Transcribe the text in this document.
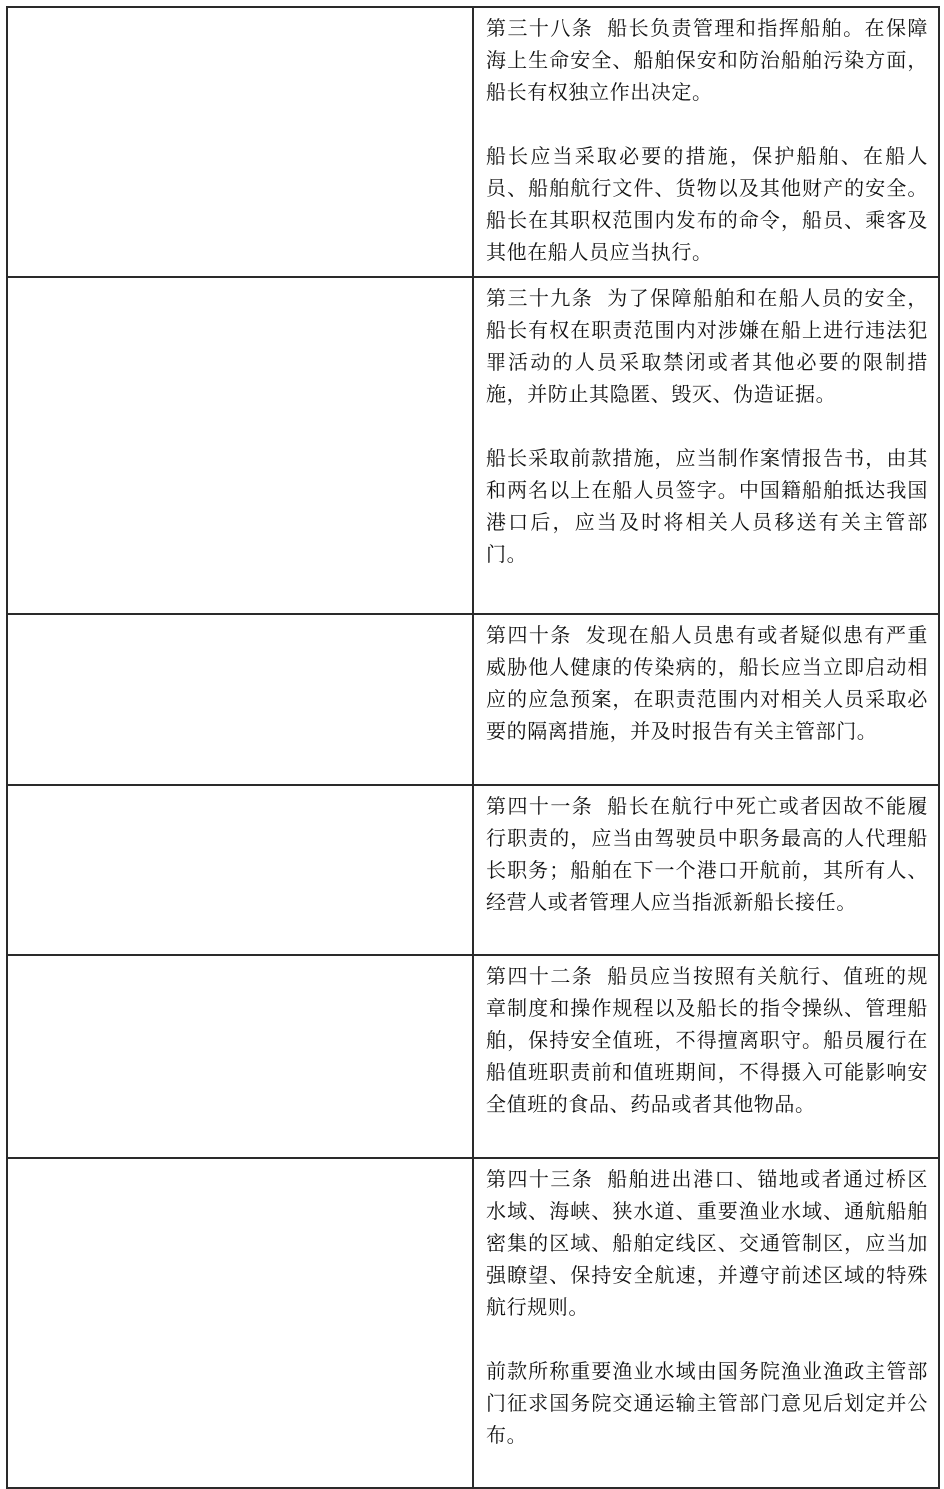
	第三十八条 船长负责管理和指挥船舶。在保障海上生命安全、船舶保安和防治船舶污染方面，船长有权独立作出决定。

船长应当采取必要的措施，保护船舶、在船人员、船舶航行文件、货物以及其他财产的安全。船长在其职权范围内发布的命令，船员、乘客及其他在船人员应当执行。

	第三十九条 为了保障船舶和在船人员的安全，船长有权在职责范围内对涉嫌在船上进行违法犯罪活动的人员采取禁闭或者其他必要的限制措施，并防止其隐匿、毁灭、伪造证据。

船长采取前款措施，应当制作案情报告书，由其和两名以上在船人员签字。中国籍船舶抵达我国港口后，应当及时将相关人员移送有关主管部门。

	第四十条 发现在船人员患有或者疑似患有严重威胁他人健康的传染病的，船长应当立即启动相应的应急预案，在职责范围内对相关人员采取必要的隔离措施，并及时报告有关主管部门。

	第四十一条 船长在航行中死亡或者因故不能履行职责的，应当由驾驶员中职务最高的人代理船长职务；船舶在下一个港口开航前，其所有人、经营人或者管理人应当指派新船长接任。

	第四十二条 船员应当按照有关航行、值班的规章制度和操作规程以及船长的指令操纵、管理船舶，保持安全值班，不得擅离职守。船员履行在船值班职责前和值班期间，不得摄入可能影响安全值班的食品、药品或者其他物品。

	第四十三条 船舶进出港口、锚地或者通过桥区水域、海峡、狭水道、重要渔业水域、通航船舶密集的区域、船舶定线区、交通管制区，应当加强瞭望、保持安全航速，并遵守前述区域的特殊航行规则。

前款所称重要渔业水域由国务院渔业渔政主管部门征求国务院交通运输主管部门意见后划定并公布。
